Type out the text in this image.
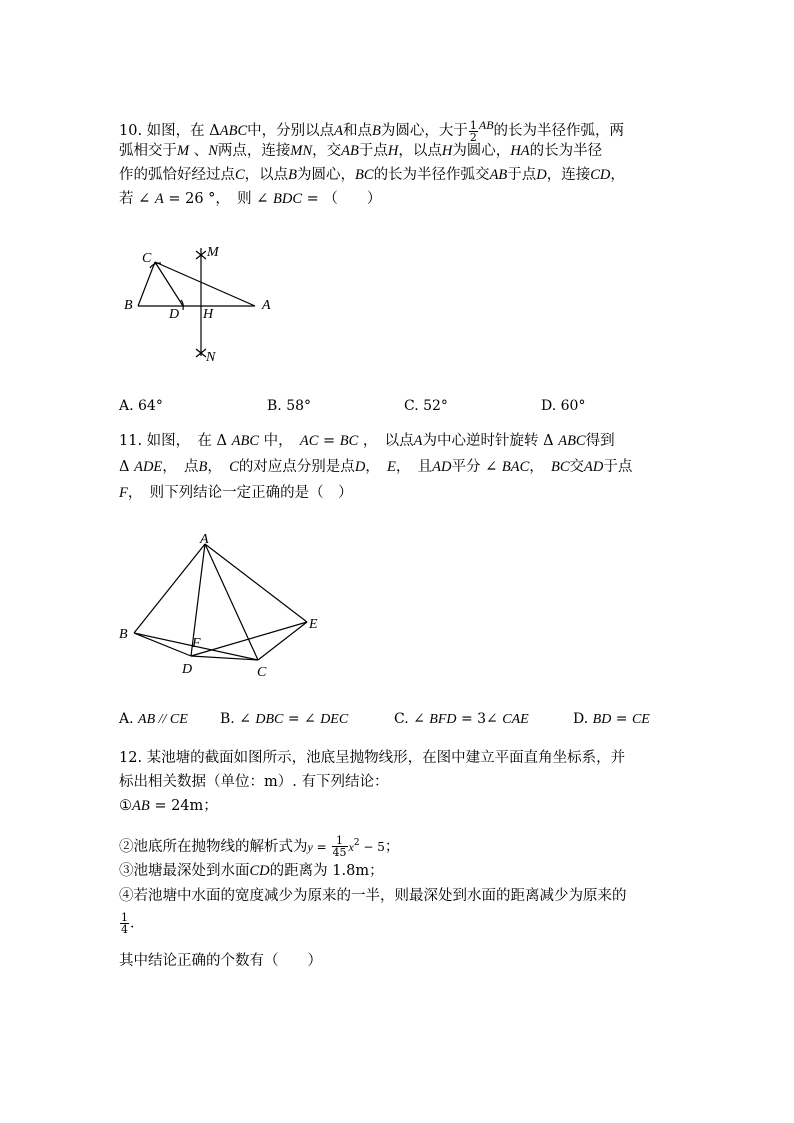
10. 如图，在 ΔABC中，分别以点A和点B为圆心，大于 $\frac{1}{2} ^{AB}$的长为半径作弧，两
弧相交于M 、N两点，连接MN，交AB于点H，以点H为圆心，HA的长为半径
作的弧恰好经过点C，以点B为圆心，BC的长为半径作弧交AB于点D，连接CD，
若 ∠ A = 26 °，　则 ∠ BDC = （　　）
C	M
B
D H
A
N
A. 64°	B. 58°	C. 52°	D. 60°
11. 如图，　在 Δ ABC 中，　AC = BC ，　以点A为中心逆时针旋转 Δ ABC得到
Δ ADE，　点B，　C的对应点分别是点D，　E，　且AD平分 ∠ BAC，　BC交AD于点
F，　则下列结论一定正确的是（　）
A
B
F
D	C
E
A. AB // CE B. ∠ DBC = ∠ DEC	C. ∠ BFD = 3∠ CAE	D. BD = CE
12. 某池塘的截面如图所示，池底呈抛物线形，在图中建立平面直角坐标系，并
标出相关数据（单位：m）. 有下列结论：
①AB = 24m；
②池底所在抛物线的解析式为$y = \frac{1}{45} x^2 - 5$；
③池塘最深处到水面CD的距离为 1.8m；
④若池塘中水面的宽度减少为原来的一半，则最深处到水面的距离减少为原来的
$\frac{1}{4}$ ．
其中结论正确的个数有（　　）
